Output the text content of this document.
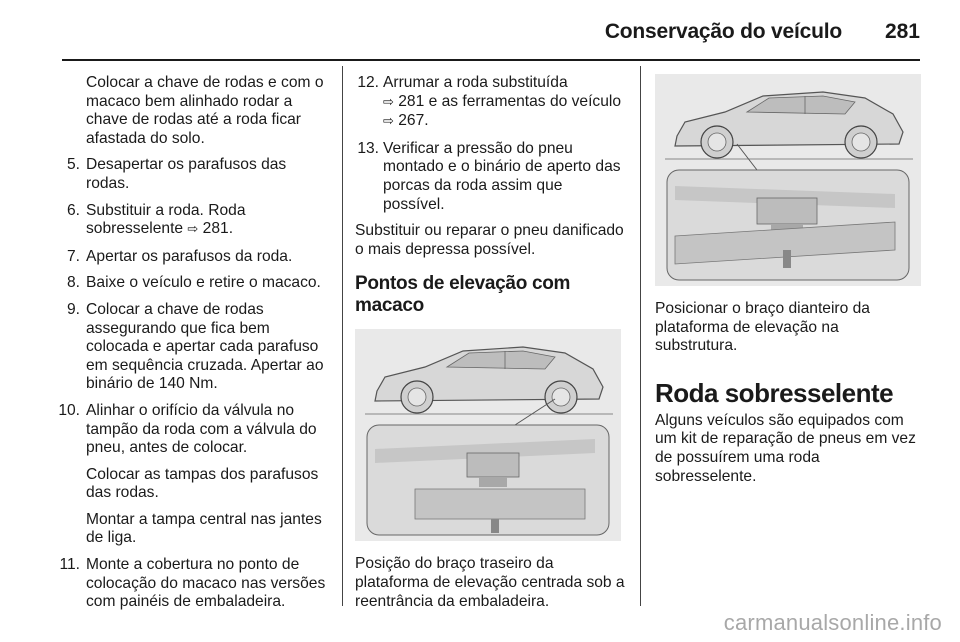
Conservação do veículo 281
Colocar a chave de rodas e com o macaco bem alinhado rodar a chave de rodas até a roda ficar afastada do solo.
5. Desapertar os parafusos das rodas.
6. Substituir a roda. Roda sobresselente ⇨ 281.
7. Apertar os parafusos da roda.
8. Baixe o veículo e retire o macaco.
9. Colocar a chave de rodas assegurando que fica bem colocada e apertar cada parafuso em sequência cruzada. Apertar ao binário de 140 Nm.
10. Alinhar o orifício da válvula no tampão da roda com a válvula do pneu, antes de colocar.
Colocar as tampas dos parafusos das rodas.
Montar a tampa central nas jantes de liga.
11. Monte a cobertura no ponto de colocação do macaco nas versões com painéis de embaladeira.
12. Arrumar a roda substituída
⇨ 281 e as ferramentas do veículo ⇨ 267.
13. Verificar a pressão do pneu montado e o binário de aperto das porcas da roda assim que possível.
Substituir ou reparar o pneu danificado o mais depressa possível.
Pontos de elevação com macaco
Posição do braço traseiro da plataforma de elevação centrada sob a reentrância da embaladeira.
Posicionar o braço dianteiro da plataforma de elevação na substrutura.
Roda sobresselente
Alguns veículos são equipados com um kit de reparação de pneus em vez de possuírem uma roda sobresselente.
carmanualsonline.info
